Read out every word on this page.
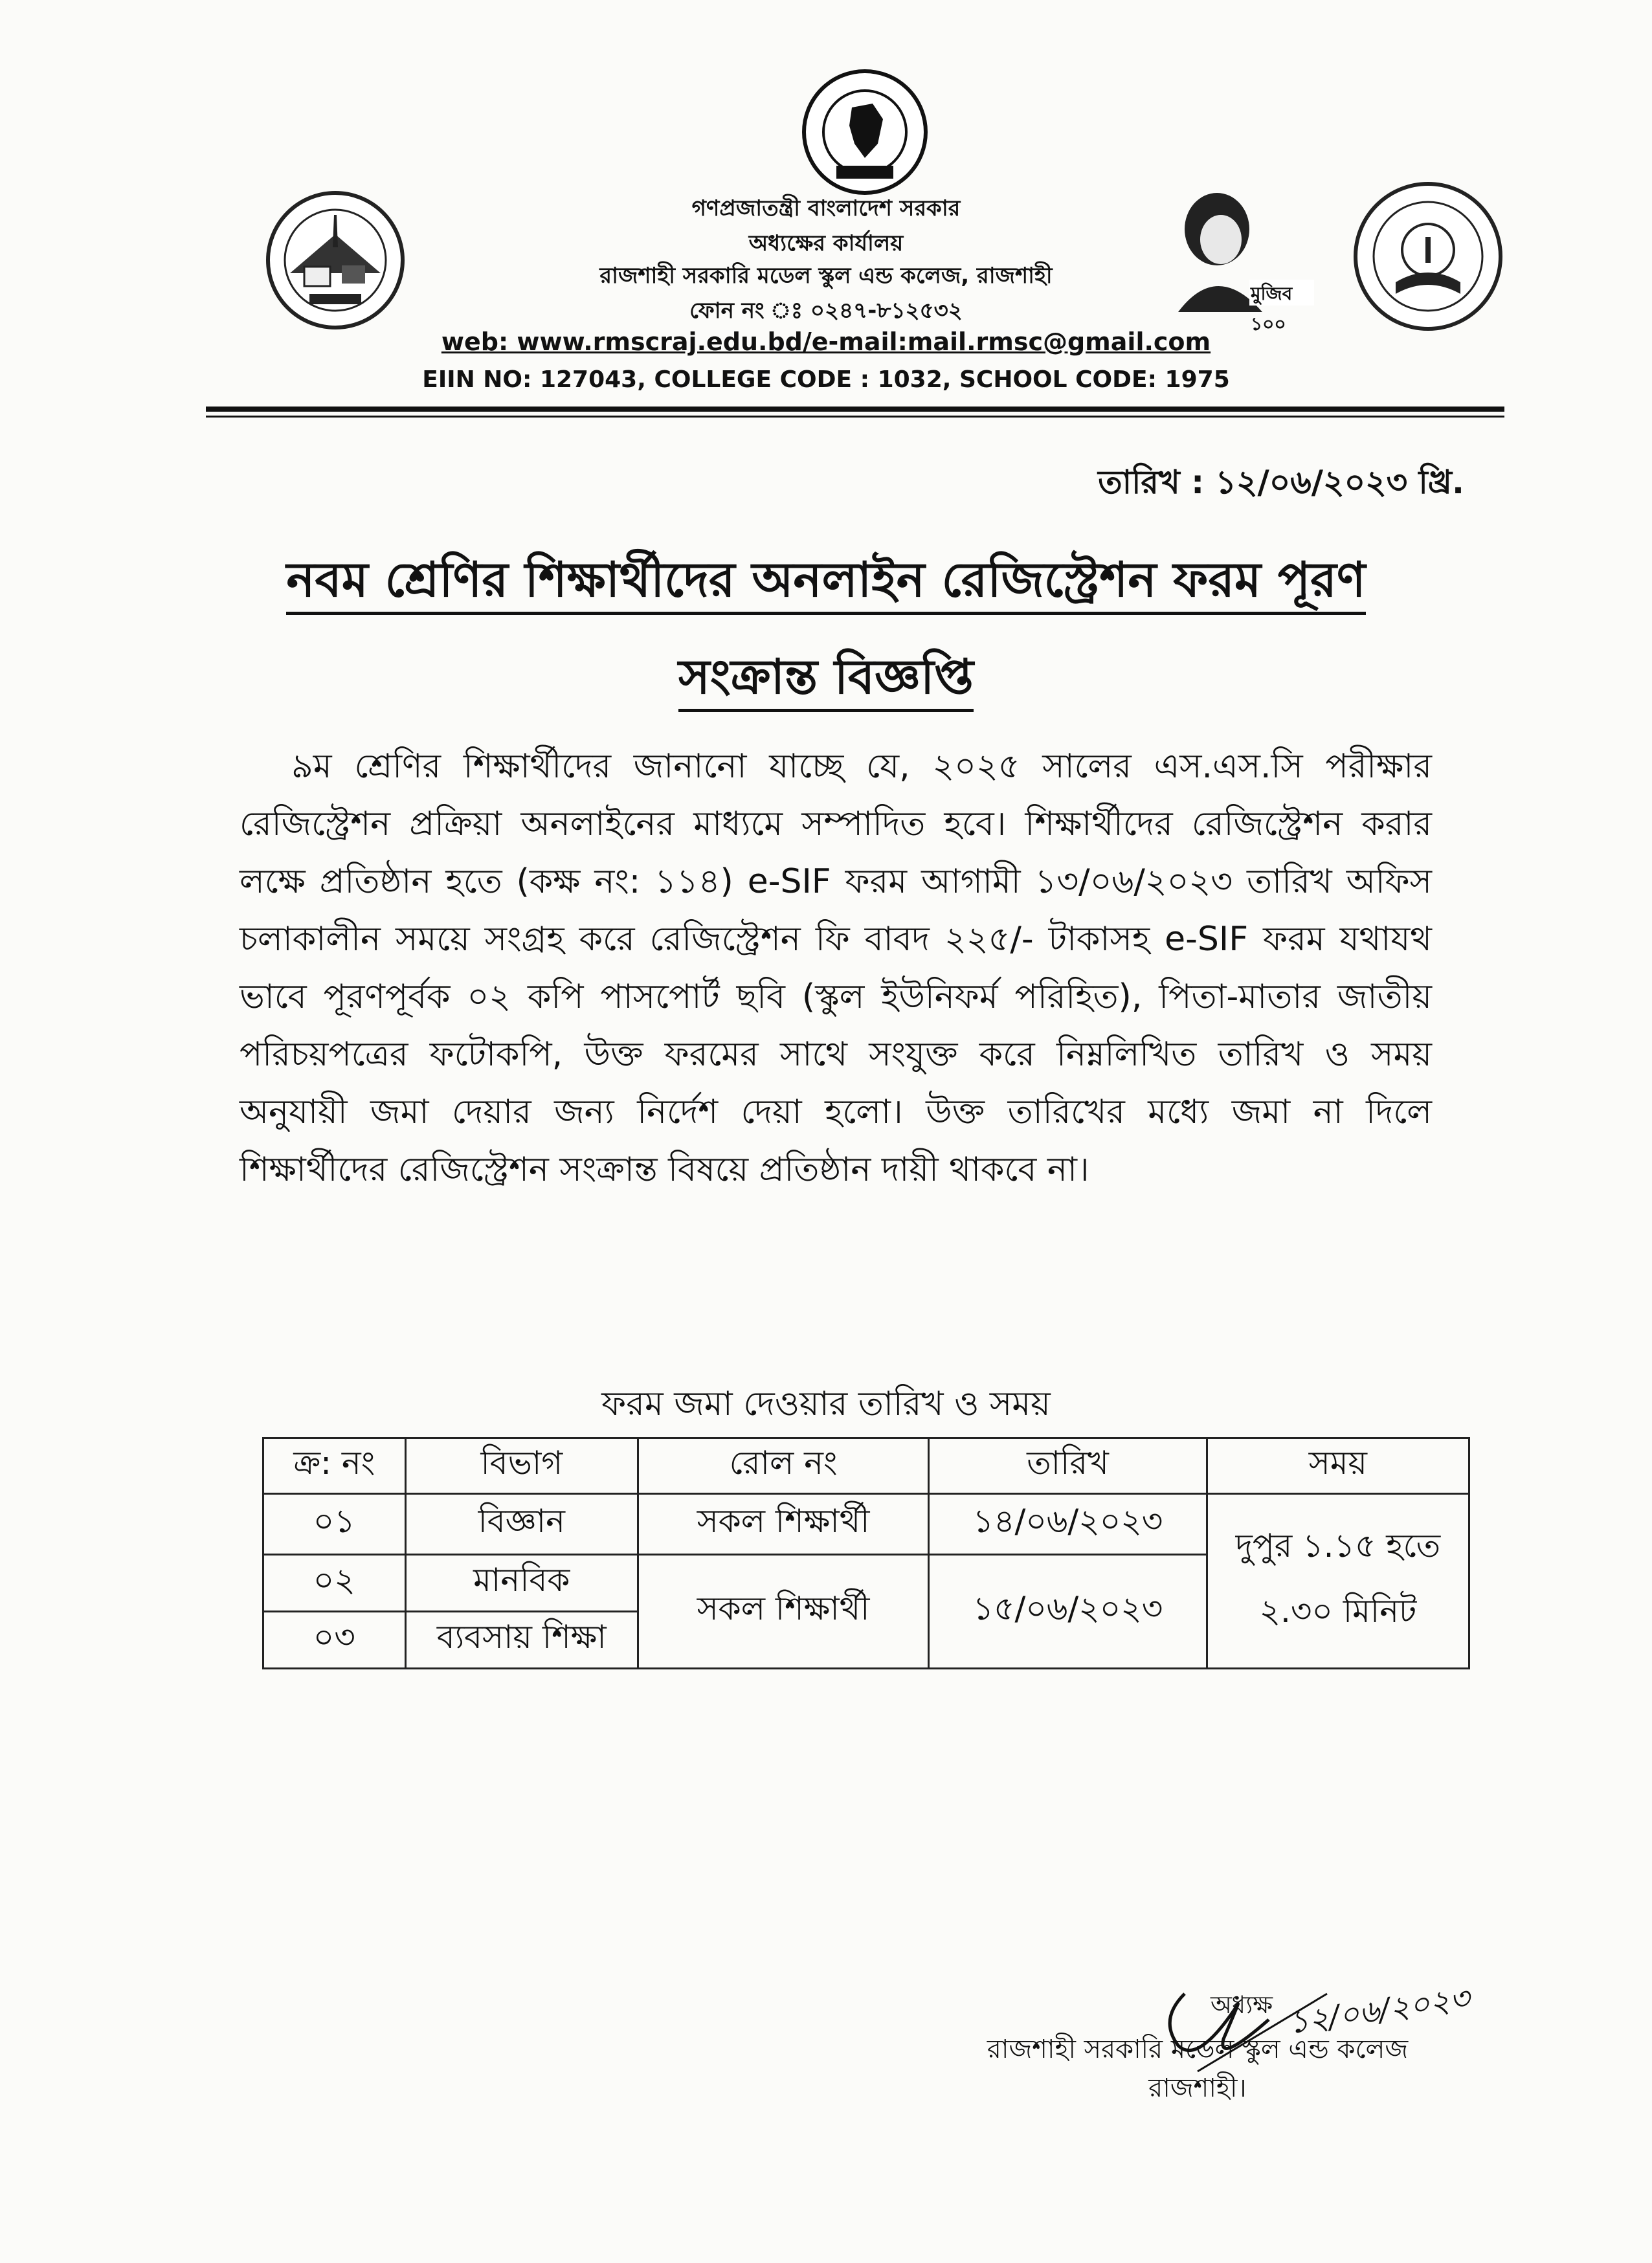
মুজিব ১০০
গণপ্রজাতন্ত্রী বাংলাদেশ সরকার
অধ্যক্ষের কার্যালয়
রাজশাহী সরকারি মডেল স্কুল এন্ড কলেজ, রাজশাহী
ফোন নং ঃ ০২৪৭-৮১২৫৩২
web: www.rmscraj.edu.bd/e-mail:mail.rmsc@gmail.com
EIIN NO: 127043, COLLEGE CODE : 1032, SCHOOL CODE: 1975
তারিখ : ১২/০৬/২০২৩ খ্রি.
নবম শ্রেণির শিক্ষার্থীদের অনলাইন রেজিস্ট্রেশন ফরম পূরণ
সংক্রান্ত বিজ্ঞপ্তি
৯ম শ্রেণির শিক্ষার্থীদের জানানো যাচ্ছে যে, ২০২৫ সালের এস.এস.সি পরীক্ষার রেজিস্ট্রেশন প্রক্রিয়া অনলাইনের মাধ্যমে সম্পাদিত হবে। শিক্ষার্থীদের রেজিস্ট্রেশন করার লক্ষে প্রতিষ্ঠান হতে (কক্ষ নং: ১১৪) e-SIF ফরম আগামী ১৩/০৬/২০২৩ তারিখ অফিস চলাকালীন সময়ে সংগ্রহ করে রেজিস্ট্রেশন ফি বাবদ ২২৫/- টাকাসহ e-SIF ফরম যথাযথ ভাবে পূরণপূর্বক ০২ কপি পাসপোর্ট ছবি (স্কুল ইউনিফর্ম পরিহিত), পিতা-মাতার জাতীয় পরিচয়পত্রের ফটোকপি, উক্ত ফরমের সাথে সংযুক্ত করে নিম্নলিখিত তারিখ ও সময় অনুযায়ী জমা দেয়ার জন্য নির্দেশ দেয়া হলো। উক্ত তারিখের মধ্যে জমা না দিলে শিক্ষার্থীদের রেজিস্ট্রেশন সংক্রান্ত বিষয়ে প্রতিষ্ঠান দায়ী থাকবে না।
ফরম জমা দেওয়ার তারিখ ও সময়
ক্র: নং	বিভাগ	রোল নং	তারিখ	সময়
০১	বিজ্ঞান	সকল শিক্ষার্থী	১৪/০৬/২০২৩	দুপুর ১.১৫ হতে
২.৩০ মিনিট

০২	মানবিক	সকল শিক্ষার্থী	১৫/০৬/২০২৩	
০৩	ব্যবসায় শিক্ষা			
১২/০৬/২০২৩
অধ্যক্ষ
রাজশাহী সরকারি মডেল স্কুল এন্ড কলেজ
রাজশাহী।
